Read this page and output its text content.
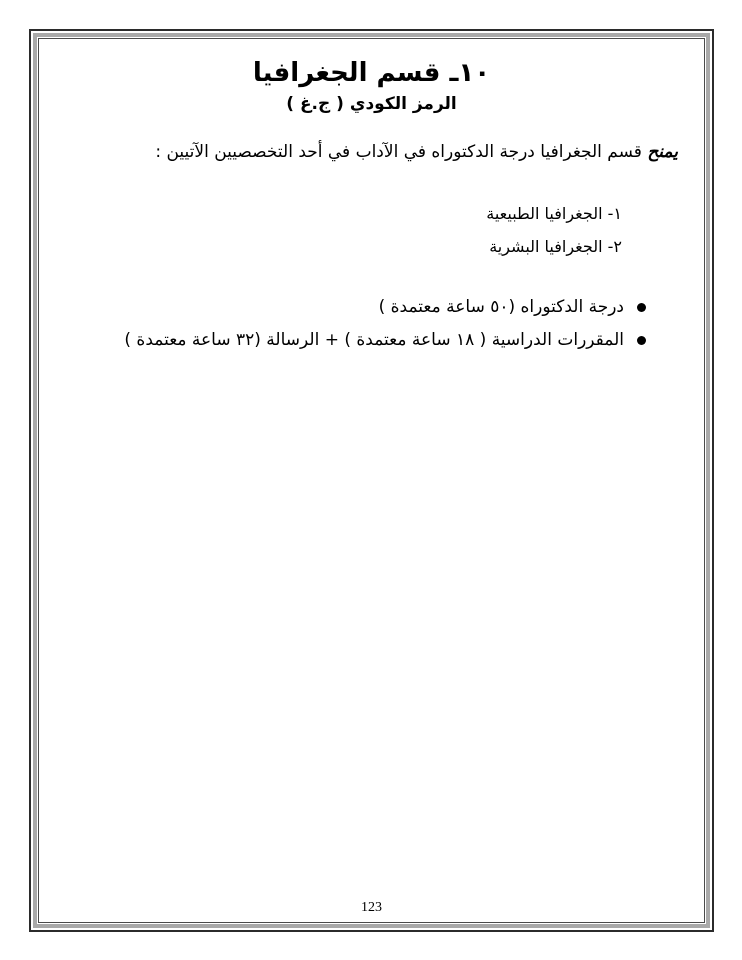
١٠ـ قسم الجغرافيا
الرمز الكودي ( ج.غ )
يمنح قسم الجغرافيا درجة الدكتوراه في الآداب في أحد التخصصيين الآتيين :
١- الجغرافيا الطبيعية
٢- الجغرافيا البشرية
درجة الدكتوراه (٥٠ ساعة معتمدة )
المقررات الدراسية ( ١٨ ساعة معتمدة ) + الرسالة (٣٢ ساعة معتمدة )
123
